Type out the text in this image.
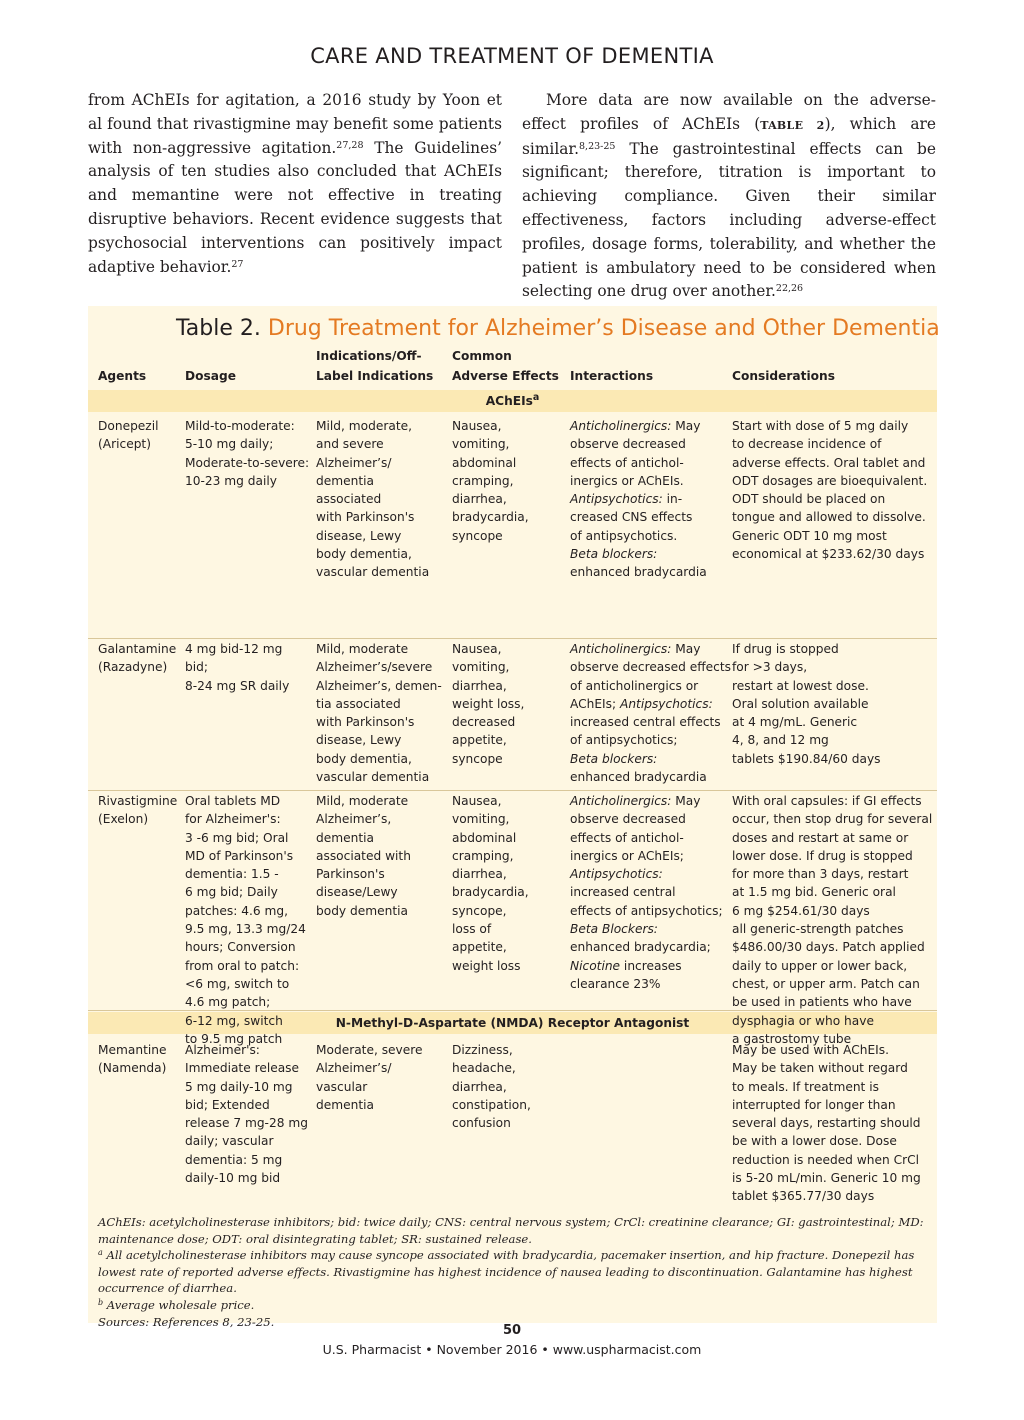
CARE AND TREATMENT OF DEMENTIA
from AChEIs for agitation, a 2016 study by Yoon et al found that rivastigmine may benefit some patients with non-aggressive agitation.$^{27,28}$ The Guidelines’ analysis of ten studies also concluded that AChEIs and memantine were not effective in treating disruptive behaviors. Recent evidence suggests that psychosocial interventions can positively impact adaptive behavior.$^{27}$
More data are now available on the adverse-effect profiles of AChEIs (TABLE 2), which are similar.$^{8,23-25}$ The gastrointestinal effects can be significant; therefore, titration is important to achieving compliance. Given their similar effectiveness, factors including adverse-effect profiles, dosage forms, tolerability, and whether the patient is ambulatory need to be considered when selecting one drug over another.$^{22,26}$
Table 2. Drug Treatment for Alzheimer’s Disease and Other Dementia
Agents	Dosage
Indications/Off-
Label Indications
Common
Adverse Effects Interactions	Considerations
AChEIs$^a$
N-Methyl-D-Aspartate (NMDA) Receptor Antagonist
Donepezil
(Aricept)
Mild-to-moderate:
5-10 mg daily;
Moderate-to-severe:
10-23 mg daily
Mild, moderate,
and severe
Alzheimer’s/
dementia
associated
with Parkinson's
disease, Lewy
body dementia,
vascular dementia
Nausea,
vomiting,
abdominal
cramping,
diarrhea,
bradycardia,
syncope
Anticholinergics: May
observe decreased
effects of antichol-
inergics or AChEIs.
Antipsychotics: in-
creased CNS effects
of antipsychotics.
Beta blockers:
enhanced bradycardia
Start with dose of 5 mg daily
to decrease incidence of
adverse effects. Oral tablet and
ODT dosages are bioequivalent.
ODT should be placed on
tongue and allowed to dissolve.
Generic ODT 10 mg most
economical at $233.62/30 days
Galantamine
(Razadyne)
4 mg bid-12 mg
bid;
8-24 mg SR daily
Mild, moderate
Alzheimer’s/severe
Alzheimer’s, demen-
tia associated
with Parkinson's
disease, Lewy
body dementia,
vascular dementia
Nausea,
vomiting,
diarrhea,
weight loss,
decreased
appetite,
syncope
Anticholinergics: May
observe decreased effects
of anticholinergics or
AChEIs; Antipsychotics:
increased central effects
of antipsychotics;
Beta blockers:
enhanced bradycardia
If drug is stopped
for >3 days,
restart at lowest dose.
Oral solution available
at 4 mg/mL. Generic
4, 8, and 12 mg
tablets $190.84/60 days
Rivastigmine
(Exelon)
Oral tablets MD
for Alzheimer's:
3 -6 mg bid; Oral
MD of Parkinson's
dementia: 1.5 -
6 mg bid; Daily
patches: 4.6 mg,
9.5 mg, 13.3 mg/24
hours; Conversion
from oral to patch:
<6 mg, switch to
4.6 mg patch;
6-12 mg, switch
to 9.5 mg patch
Mild, moderate
Alzheimer’s,
dementia
associated with
Parkinson's
disease/Lewy
body dementia
Nausea,
vomiting,
abdominal
cramping,
diarrhea,
bradycardia,
syncope,
loss of
appetite,
weight loss
Anticholinergics: May
observe decreased
effects of antichol-
inergics or AChEIs;
Antipsychotics:
increased central
effects of antipsychotics;
Beta Blockers:
enhanced bradycardia;
Nicotine increases
clearance 23%
With oral capsules: if GI effects
occur, then stop drug for several
doses and restart at same or
lower dose. If drug is stopped
for more than 3 days, restart
at 1.5 mg bid. Generic oral
6 mg $254.61/30 days
all generic-strength patches
$486.00/30 days. Patch applied
daily to upper or lower back,
chest, or upper arm. Patch can
be used in patients who have
dysphagia or who have
a gastrostomy tube
Memantine
(Namenda)
Alzheimer's:
Immediate release
5 mg daily-10 mg
bid; Extended
release 7 mg-28 mg
daily; vascular
dementia: 5 mg
daily-10 mg bid
Moderate, severe
Alzheimer’s/
vascular
dementia
Dizziness,
headache,
diarrhea,
constipation,
confusion
May be used with AChEIs.
May be taken without regard
to meals. If treatment is
interrupted for longer than
several days, restarting should
be with a lower dose. Dose
reduction is needed when CrCl
is 5-20 mL/min. Generic 10 mg
tablet $365.77/30 days
AChEIs: acetylcholinesterase inhibitors; bid: twice daily; CNS: central nervous system; CrCl: creatinine clearance; GI: gastrointestinal; MD: maintenance dose; ODT: oral disintegrating tablet; SR: sustained release.
$^a$ All acetylcholinesterase inhibitors may cause syncope associated with bradycardia, pacemaker insertion, and hip fracture. Donepezil has lowest rate of reported adverse effects. Rivastigmine has highest incidence of nausea leading to discontinuation. Galantamine has highest occurrence of diarrhea.
$^b$ Average wholesale price.
Sources: References 8, 23-25.
50
U.S. Pharmacist • November 2016 • www.uspharmacist.com
